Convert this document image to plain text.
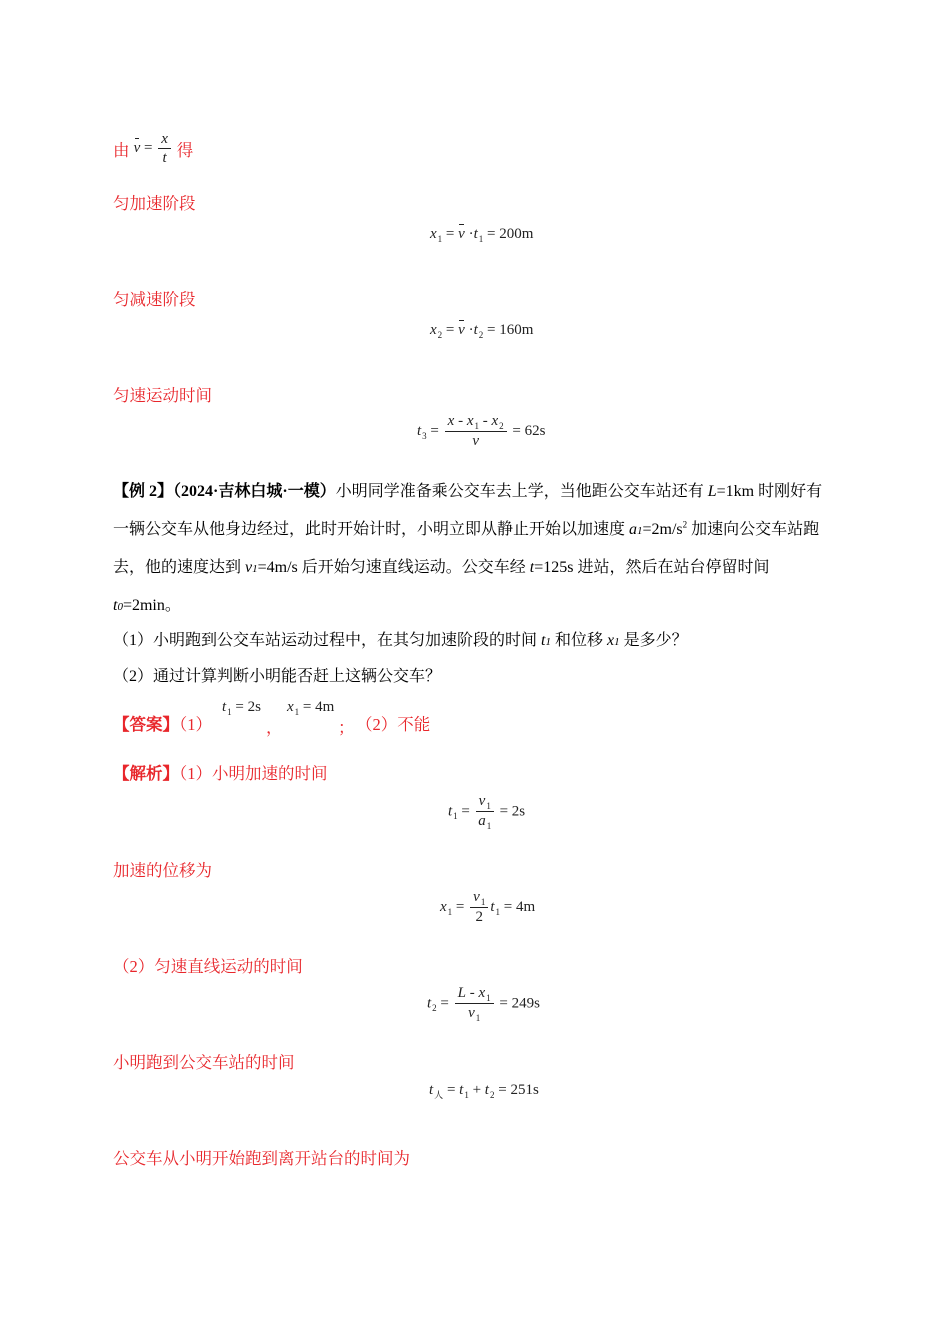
由 $v = \frac{x}{t}$ 得
匀加速阶段
$x_1 = v \cdot t_1 = 200m$
匀减速阶段
$x_2 = v \cdot t_2 = 160m$
匀速运动时间
$t_3 = \frac{x - x_1 - x_2}{v} = 62s$
【例 2】（2024·吉林白城·一模）小明同学准备乘公交车去上学，当他距公交车站还有 L=1km 时刚好有
一辆公交车从他身边经过，此时开始计时，小明立即从静止开始以加速度 $a1=2m/s^2$ 加速向公交车站跑
去，他的速度达到 v1=4m/s 后开始匀速直线运动。公交车经 t=125s 进站，然后在站台停留时间
t0=2min。
（1）小明跑到公交车站运动过程中，在其匀加速阶段的时间 t1 和位移 x1 是多少？
（2）通过计算判断小明能否赶上这辆公交车？
【答案】（1）
$t_1 = 2s$
，
$x_1 = 4m$
； （2）不能
【解析】（1）小明加速的时间
$t_1 = \frac{v_1}{a_1} = 2s$
加速的位移为
$x_1 = \frac{v_1}{2} t_1 = 4m$
（2）匀速直线运动的时间
$t_2 = \frac{L - x_1}{v_1} = 249s$
小明跑到公交车站的时间
$t_人 = t_1 + t_2 = 251s$
公交车从小明开始跑到离开站台的时间为
